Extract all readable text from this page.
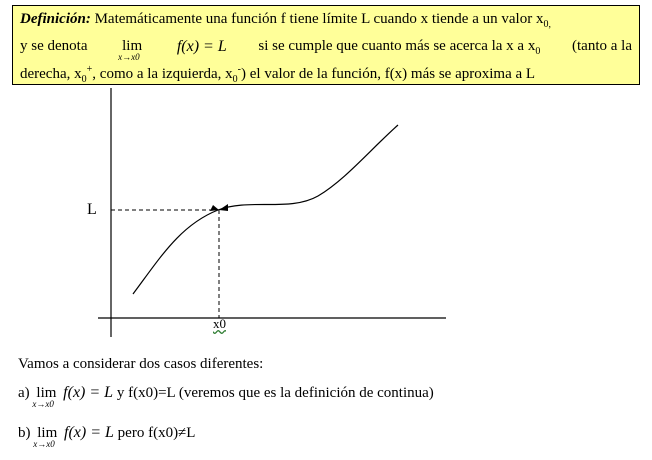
Definición: Matemáticamente una función f tiene límite L cuando x tiende a un valor $x_{0,}$
y se denota lim
x→x0
f(x) = L si se cumple que cuanto más se acerca la x a $x_0$ (tanto a la
derecha, $x_0^+$, como a la izquierda, $x_0^-$) el valor de la función, f(x) más se aproxima a L
L
x0
Vamos a considerar dos casos diferentes:
a) lim
x→x0
f(x) = L y f(x0)=L (veremos que es la definición de continua)
b) lim
x→x0
f(x) = L pero f(x0)≠L
